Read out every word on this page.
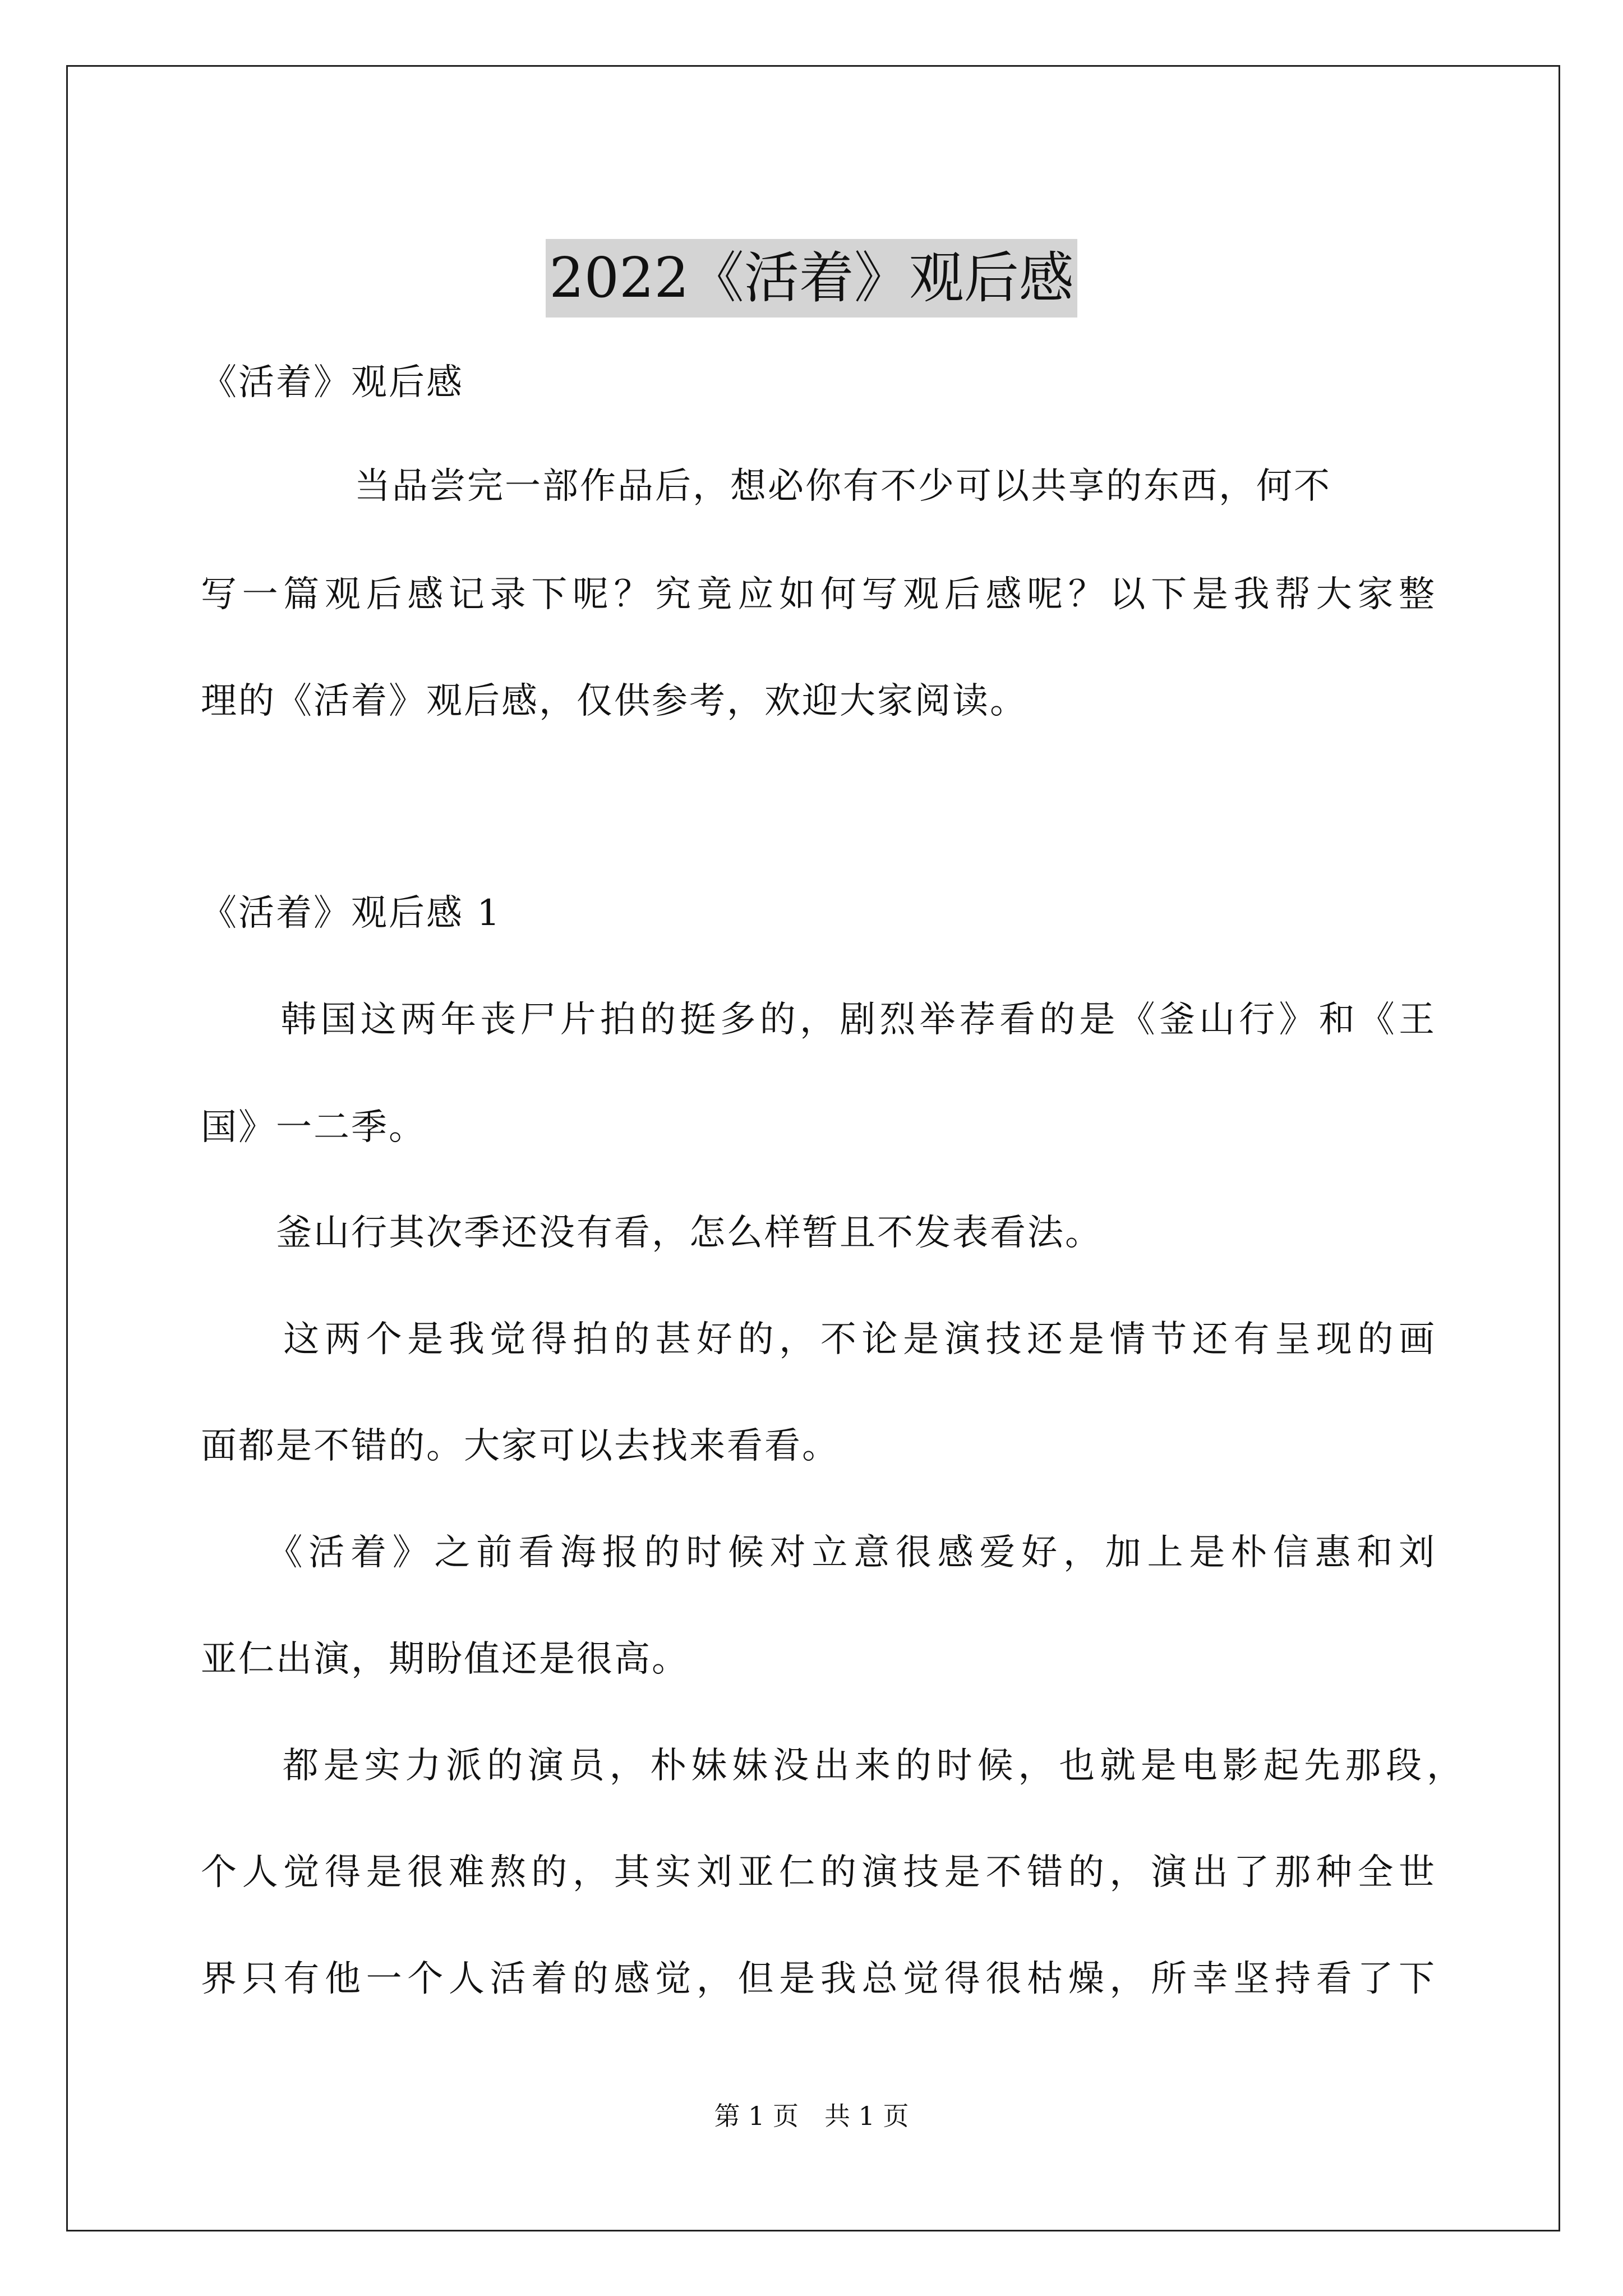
2022《活着》观后感
《活着》观后感
　　当品尝完一部作品后，想必你有不少可以共享的东西，何不
写一篇观后感记录下呢？究竟应如何写观后感呢？以下是我帮大家整
理的《活着》观后感，仅供参考，欢迎大家阅读。
《活着》观后感 1
　　韩国这两年丧尸片拍的挺多的，剧烈举荐看的是《釜山行》和《王
国》一二季。
　　釜山行其次季还没有看，怎么样暂且不发表看法。
　　这两个是我觉得拍的甚好的，不论是演技还是情节还有呈现的画
面都是不错的。大家可以去找来看看。
　　《活着》之前看海报的时候对立意很感爱好，加上是朴信惠和刘
亚仁出演，期盼值还是很高。
　　都是实力派的演员，朴妹妹没出来的时候，也就是电影起先那段，
个人觉得是很难熬的，其实刘亚仁的演技是不错的，演出了那种全世
界只有他一个人活着的感觉，但是我总觉得很枯燥，所幸坚持看了下
第 1 页　共 1 页
